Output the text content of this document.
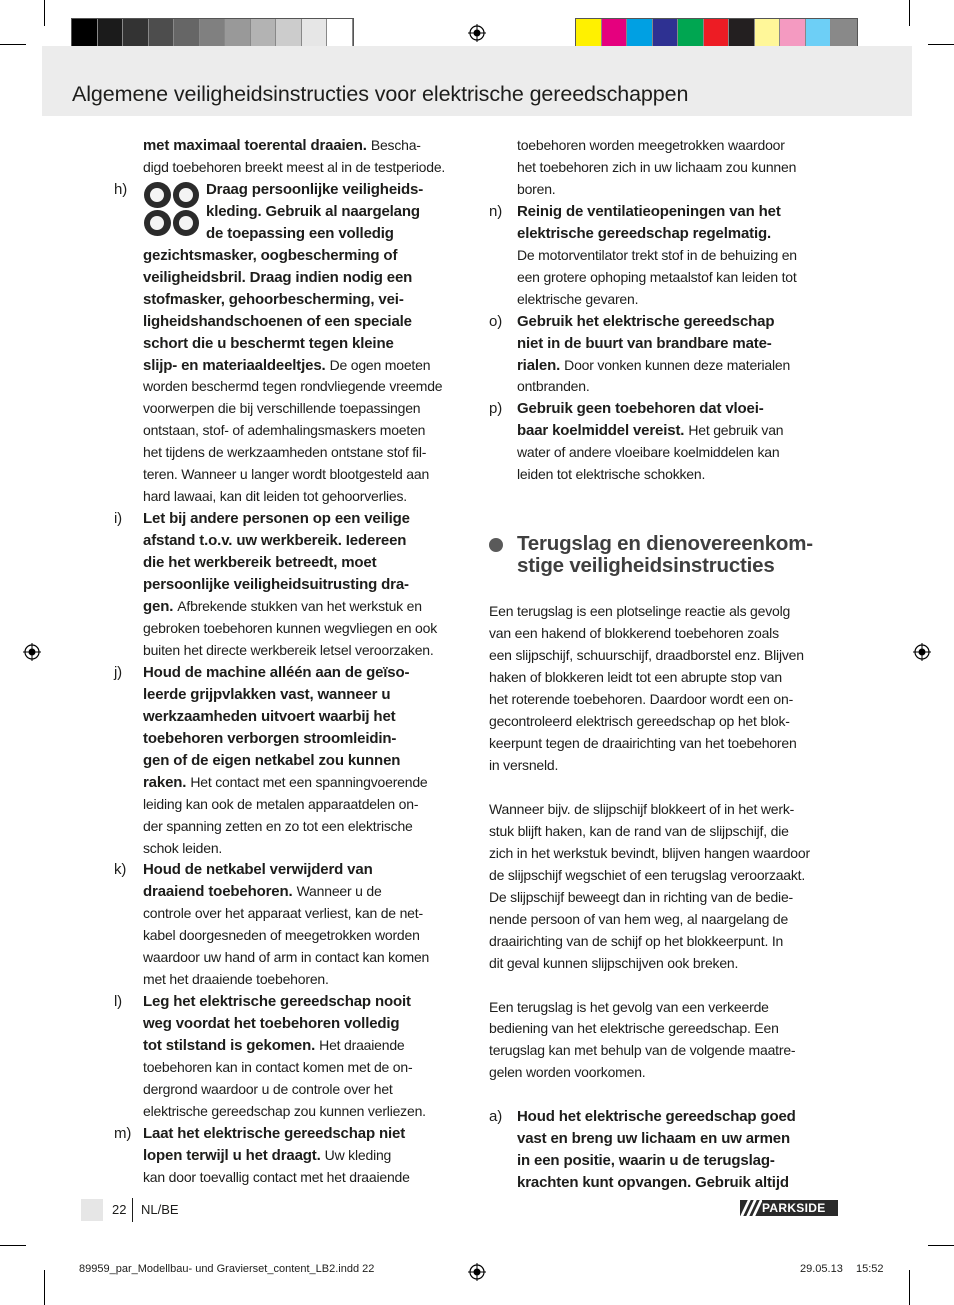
Algemene veiligheidsinstructies voor elektrische gereedschappen

met maximaal toerental draaien. Bescha-

digd toebehoren breekt meest al in de testperiode.

h)	Draag persoonlijke veiligheids-

kleding. Gebruik al naargelang

de toepassing een volledig

gezichtsmasker, oogbescherming of

veiligheidsbril. Draag indien nodig een

stofmasker, gehoorbescherming, vei-

ligheidshandschoenen of een speciale

schort die u beschermt tegen kleine

slijp- en materiaaldeeltjes. De ogen moeten

worden beschermd tegen rondvliegende vreemde

voorwerpen die bij verschillende toepassingen

ontstaan, stof- of ademhalingsmaskers moeten

het tijdens de werkzaamheden ontstane stof fil-

teren. Wanneer u langer wordt blootgesteld aan

hard lawaai, kan dit leiden tot gehoorverlies.

i) Let bij andere personen op een veilige

afstand t.o.v. uw werkbereik. Iedereen

die het werkbereik betreedt, moet

persoonlijke veiligheidsuitrusting dra-

gen. Afbrekende stukken van het werkstuk en

gebroken toebehoren kunnen wegvliegen en ook

buiten het directe werkbereik letsel veroorzaken.

j) Houd de machine alléén aan de geïso-

leerde grijpvlakken vast, wanneer u

werkzaamheden uitvoert waarbij het

toebehoren verborgen stroomleidin-

gen of de eigen netkabel zou kunnen

raken. Het contact met een spanningvoerende

leiding kan ook de metalen apparaatdelen on-

der spanning zetten en zo tot een elektrische

schok leiden.

k) Houd de netkabel verwijderd van

draaiend toebehoren. Wanneer u de

controle over het apparaat verliest, kan de net-

kabel doorgesneden of meegetrokken worden

waardoor uw hand of arm in contact kan komen

met het draaiende toebehoren.

l) Leg het elektrische gereedschap nooit

weg voordat het toebehoren volledig

tot stilstand is gekomen. Het draaiende

toebehoren kan in contact komen met de on-

dergrond waardoor u de controle over het

elektrische gereedschap zou kunnen verliezen.

m) Laat het elektrische gereedschap niet

lopen terwijl u het draagt. Uw kleding

kan door toevallig contact met het draaiende

toebehoren worden meegetrokken waardoor

het toebehoren zich in uw lichaam zou kunnen

boren.

n) Reinig de ventilatieopeningen van het

elektrische gereedschap regelmatig.

De motorventilator trekt stof in de behuizing en

een grotere ophoping metaalstof kan leiden tot

elektrische gevaren.

o) Gebruik het elektrische gereedschap

niet in de buurt van brandbare mate-

rialen. Door vonken kunnen deze materialen

ontbranden.

p) Gebruik geen toebehoren dat vloei-

baar koelmiddel vereist. Het gebruik van

water of andere vloeibare koelmiddelen kan

leiden tot elektrische schokken.

Terugslag en dienovereenkom-

stige veiligheidsinstructies

Een terugslag is een plotselinge reactie als gevolg

van een hakend of blokkerend toebehoren zoals

een slijpschijf, schuurschijf, draadborstel enz. Blijven

haken of blokkeren leidt tot een abrupte stop van

het roterende toebehoren. Daardoor wordt een on-

gecontroleerd elektrisch gereedschap op het blok-

keerpunt tegen de draairichting van het toebehoren

in versneld.

Wanneer bijv. de slijpschijf blokkeert of in het werk-

stuk blijft haken, kan de rand van de slijpschijf, die

zich in het werkstuk bevindt, blijven hangen waardoor

de slijpschijf wegschiet of een terugslag veroorzaakt.

De slijpschijf beweegt dan in richting van de bedie-

nende persoon of van hem weg, al naargelang de

draairichting van de schijf op het blokkeerpunt. In

dit geval kunnen slijpschijven ook breken.

Een terugslag is het gevolg van een verkeerde

bediening van het elektrische gereedschap. Een

terugslag kan met behulp van de volgende maatre-

gelen worden voorkomen.

a) Houd het elektrische gereedschap goed

vast en breng uw lichaam en uw armen

in een positie, waarin u de terugslag-

krachten kunt opvangen. Gebruik altijd

22 NL/BE	PARKSIDE
89959_par_Modellbau- und Gravierset_content_LB2.indd 22	29.05.13 15:52
